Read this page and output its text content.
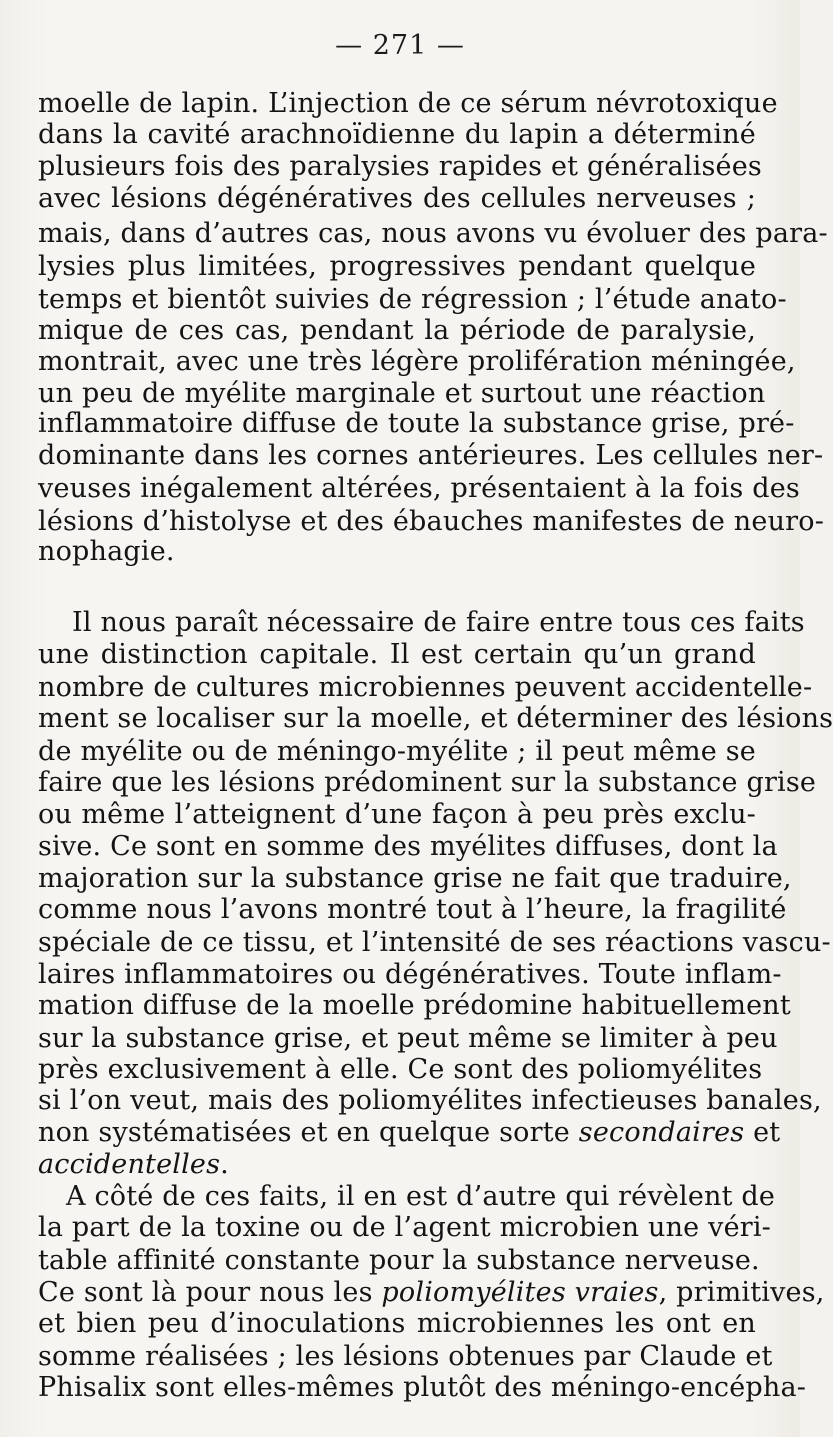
— 271 —
moelle de lapin. L’injection de ce sérum névrotoxique
dans la cavité arachnoïdienne du lapin a déterminé
plusieurs fois des paralysies rapides et généralisées
avec lésions dégénératives des cellules nerveuses ;
mais, dans d’autres cas, nous avons vu évoluer des para-
lysies plus limitées, progressives pendant quelque
temps et bientôt suivies de régression ; l’étude anato-
mique de ces cas, pendant la période de paralysie,
montrait, avec une très légère prolifération méningée,
un peu de myélite marginale et surtout une réaction
inflammatoire diffuse de toute la substance grise, pré-
dominante dans les cornes antérieures. Les cellules ner-
veuses inégalement altérées, présentaient à la fois des
lésions d’histolyse et des ébauches manifestes de neuro-
nophagie.
Il nous paraît nécessaire de faire entre tous ces faits
une distinction capitale. Il est certain qu’un grand
nombre de cultures microbiennes peuvent accidentelle-
ment se localiser sur la moelle, et déterminer des lésions
de myélite ou de méningo-myélite ; il peut même se
faire que les lésions prédominent sur la substance grise
ou même l’atteignent d’une façon à peu près exclu-
sive. Ce sont en somme des myélites diffuses, dont la
majoration sur la substance grise ne fait que traduire,
comme nous l’avons montré tout à l’heure, la fragilité
spéciale de ce tissu, et l’intensité de ses réactions vascu-
laires inflammatoires ou dégénératives. Toute inflam-
mation diffuse de la moelle prédomine habituellement
sur la substance grise, et peut même se limiter à peu
près exclusivement à elle. Ce sont des poliomyélites
si l’on veut, mais des poliomyélites infectieuses banales,
non systématisées et en quelque sorte secondaires et
accidentelles.
A côté de ces faits, il en est d’autre qui révèlent de
la part de la toxine ou de l’agent microbien une véri-
table affinité constante pour la substance nerveuse.
Ce sont là pour nous les poliomyélites vraies, primitives,
et bien peu d’inoculations microbiennes les ont en
somme réalisées ; les lésions obtenues par Claude et
Phisalix sont elles-mêmes plutôt des méningo-encépha-
